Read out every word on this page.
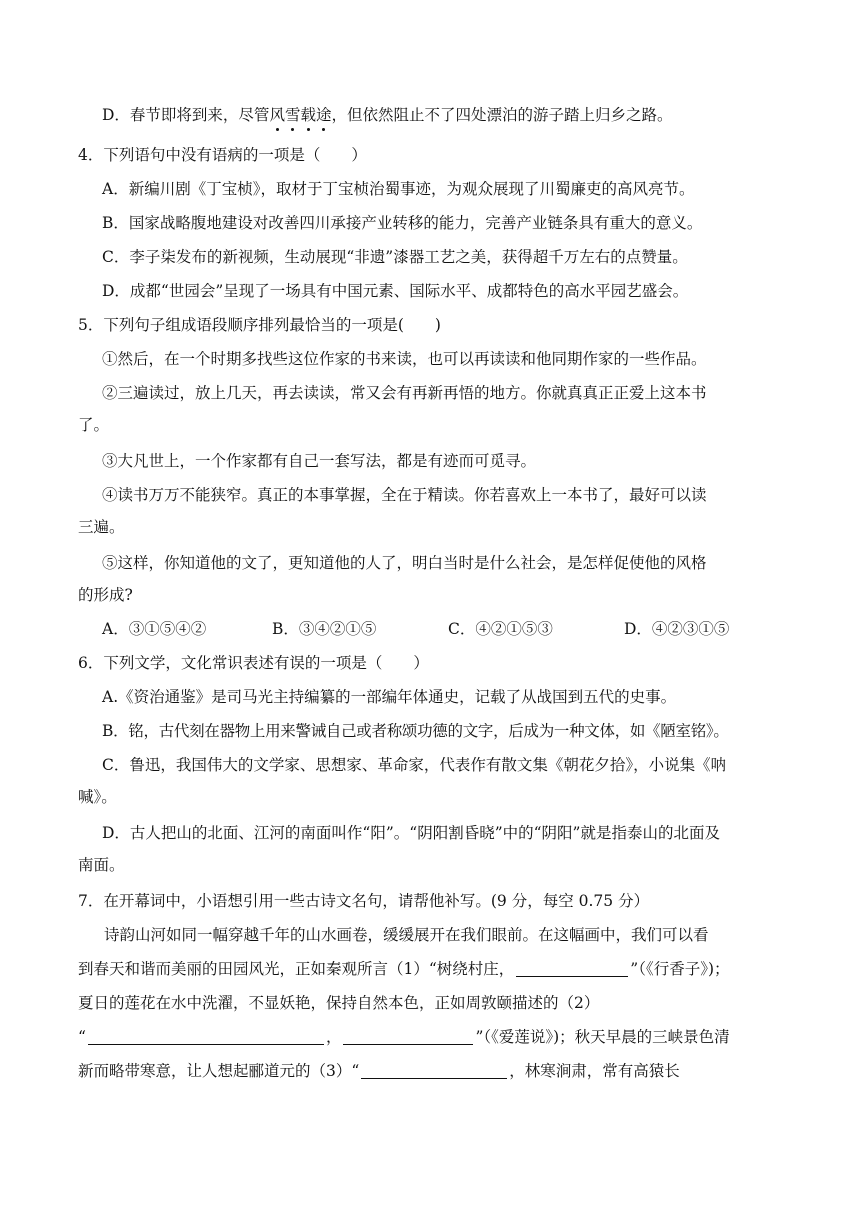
D．春节即将到来，尽管风雪载途，但依然阻止不了四处漂泊的游子踏上归乡之路。
4．下列语句中没有语病的一项是（　　）
A．新编川剧《丁宝桢》，取材于丁宝桢治蜀事迹，为观众展现了川蜀廉吏的高风亮节。
B．国家战略腹地建设对改善四川承接产业转移的能力，完善产业链条具有重大的意义。
C．李子柒发布的新视频，生动展现“非遗”漆器工艺之美，获得超千万左右的点赞量。
D．成都“世园会”呈现了一场具有中国元素、国际水平、成都特色的高水平园艺盛会。
5．下列句子组成语段顺序排列最恰当的一项是(　　)
①然后，在一个时期多找些这位作家的书来读，也可以再读读和他同期作家的一些作品。
②三遍读过，放上几天，再去读读，常又会有再新再悟的地方。你就真真正正爱上这本书
了。
③大凡世上，一个作家都有自己一套写法，都是有迹而可觅寻。
④读书万万不能狭窄。真正的本事掌握，全在于精读。你若喜欢上一本书了，最好可以读
三遍。
⑤这样，你知道他的文了，更知道他的人了，明白当时是什么社会，是怎样促使他的风格
的形成?
A．③①⑤④②	B．③④②①⑤	C．④②①⑤③	D．④②③①⑤
6．下列文学，文化常识表述有误的一项是（　　）
A.《资治通鉴》是司马光主持编纂的一部编年体通史，记载了从战国到五代的史事。
B．铭，古代刻在器物上用来警诫自己或者称颂功德的文字，后成为一种文体，如《陋室铭》。
C．鲁迅，我国伟大的文学家、思想家、革命家，代表作有散文集《朝花夕拾》，小说集《呐
喊》。
D．古人把山的北面、江河的南面叫作“阳”。“阴阳割昏晓”中的“阴阳”就是指泰山的北面及
南面。
7．在开幕词中，小语想引用一些古诗文名句，请帮他补写。(9 分，每空 0.75 分）
诗韵山河如同一幅穿越千年的山水画卷，缓缓展开在我们眼前。在这幅画中，我们可以看
到春天和谐而美丽的田园风光，正如秦观所言（1）“树绕村庄，	”（《行香子》)；
夏日的莲花在水中洗濯，不显妖艳，保持自然本色，正如周敦颐描述的（2）
“	，	”（《爱莲说》)；秋天早晨的三峡景色清
新而略带寒意，让人想起郦道元的（3）“	，林寒涧肃，常有高猿长
